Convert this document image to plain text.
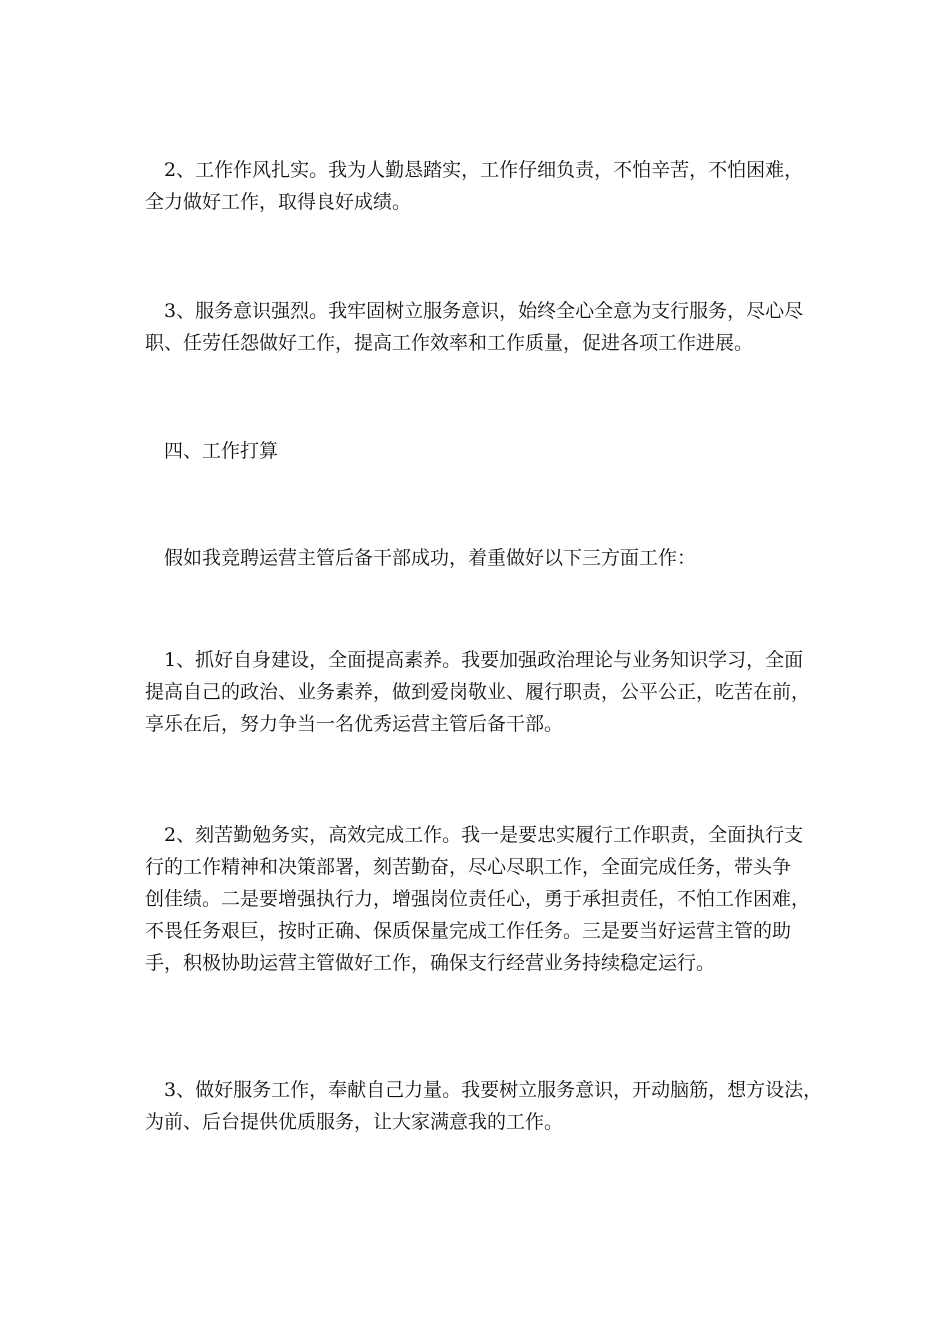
2、工作作风扎实。我为人勤恳踏实，工作仔细负责，不怕辛苦，不怕困难，
全力做好工作，取得良好成绩。
3、服务意识强烈。我牢固树立服务意识，始终全心全意为支行服务，尽心尽
职、任劳任怨做好工作，提高工作效率和工作质量，促进各项工作进展。
四、工作打算
假如我竞聘运营主管后备干部成功，着重做好以下三方面工作：
1、抓好自身建设，全面提高素养。我要加强政治理论与业务知识学习，全面
提高自己的政治、业务素养，做到爱岗敬业、履行职责，公平公正，吃苦在前，
享乐在后，努力争当一名优秀运营主管后备干部。
2、刻苦勤勉务实，高效完成工作。我一是要忠实履行工作职责，全面执行支
行的工作精神和决策部署，刻苦勤奋，尽心尽职工作，全面完成任务，带头争
创佳绩。二是要增强执行力，增强岗位责任心，勇于承担责任，不怕工作困难，
不畏任务艰巨，按时正确、保质保量完成工作任务。三是要当好运营主管的助
手，积极协助运营主管做好工作，确保支行经营业务持续稳定运行。
3、做好服务工作，奉献自己力量。我要树立服务意识，开动脑筋，想方设法，
为前、后台提供优质服务，让大家满意我的工作。
